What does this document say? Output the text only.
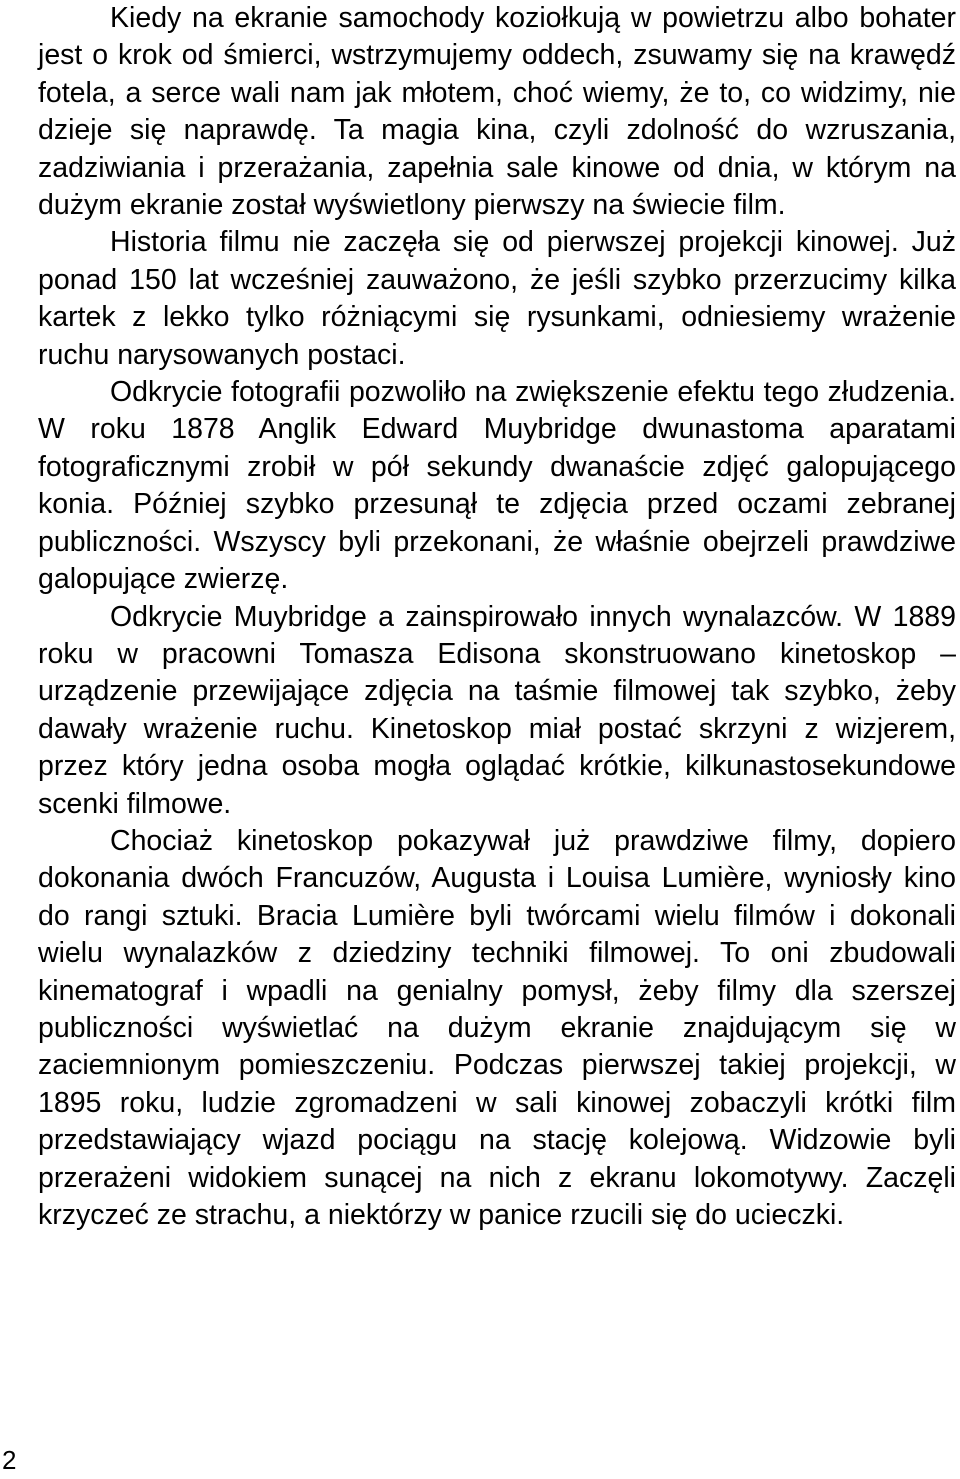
Kiedy na ekranie samochody koziołkują w powietrzu albo bohater jest o krok od śmierci, wstrzymujemy oddech, zsuwamy się na krawędź fotela, a serce wali nam jak młotem, choć wiemy, że to, co widzimy, nie dzieje się naprawdę. Ta magia kina, czyli zdolność do wzruszania, zadziwiania i przerażania, zapełnia sale kinowe od dnia, w którym na dużym ekranie został wyświetlony pierwszy na świecie film.

Historia filmu nie zaczęła się od pierwszej projekcji kinowej. Już ponad 150 lat wcześniej zauważono, że jeśli szybko przerzucimy kilka kartek z lekko tylko różniącymi się rysunkami, odniesiemy wrażenie ruchu narysowanych postaci.

Odkrycie fotografii pozwoliło na zwiększenie efektu tego złudzenia. W roku 1878 Anglik Edward Muybridge dwunastoma aparatami fotograficznymi zrobił w pół sekundy dwanaście zdjęć galopującego konia. Później szybko przesunął te zdjęcia przed oczami zebranej publiczności. Wszyscy byli przekonani, że właśnie obejrzeli prawdziwe galopujące zwierzę.

Odkrycie Muybridge a zainspirowało innych wynalazców. W 1889 roku w pracowni Tomasza Edisona skonstruowano kinetoskop – urządzenie przewijające zdjęcia na taśmie filmowej tak szybko, żeby dawały wrażenie ruchu. Kinetoskop miał postać skrzyni z wizjerem, przez który jedna osoba mogła oglądać krótkie, kilkunastosekundowe scenki filmowe.

Chociaż kinetoskop pokazywał już prawdziwe filmy, dopiero dokonania dwóch Francuzów, Augusta i Louisa Lumière, wyniosły kino do rangi sztuki. Bracia Lumière byli twórcami wielu filmów i dokonali wielu wynalazków z dziedziny techniki filmowej. To oni zbudowali kinematograf i wpadli na genialny pomysł, żeby filmy dla szerszej publiczności wyświetlać na dużym ekranie znajdującym się w zaciemnionym pomieszczeniu. Podczas pierwszej takiej projekcji, w 1895 roku, ludzie zgromadzeni w sali kinowej zobaczyli krótki film przedstawiający wjazd pociągu na stację kolejową. Widzowie byli przerażeni widokiem sunącej na nich z ekranu lokomotywy. Zaczęli krzyczeć ze strachu, a niektórzy w panice rzucili się do ucieczki.

2
